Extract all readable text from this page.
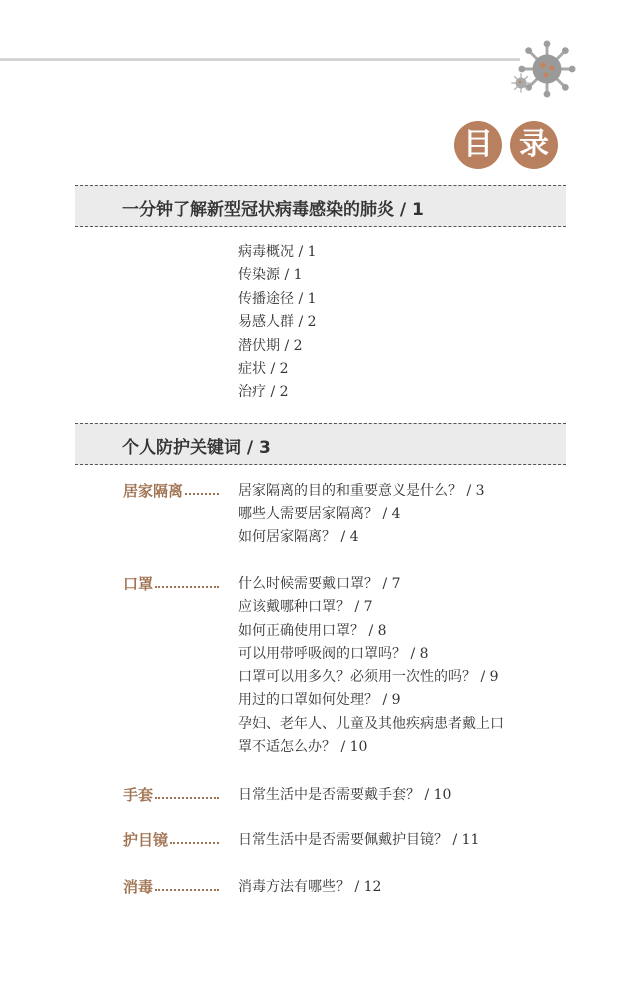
目 录
一分钟了解新型冠状病毒感染的肺炎 / 1
病毒概况 / 1
传染源 / 1
传播途径 / 1
易感人群 / 2
潜伏期 / 2
症状 / 2
治疗 / 2
个人防护关键词 / 3
居家隔离	居家隔离的目的和重要意义是什么？ / 3
哪些人需要居家隔离？ / 4
如何居家隔离？ / 4
口罩	什么时候需要戴口罩？ / 7
应该戴哪种口罩？ / 7
如何正确使用口罩？ / 8
可以用带呼吸阀的口罩吗？ / 8
口罩可以用多久？必须用一次性的吗？ / 9
用过的口罩如何处理？ / 9
孕妇、老年人、儿童及其他疾病患者戴上口
罩不适怎么办？ / 10
手套	日常生活中是否需要戴手套？ / 10
护目镜	日常生活中是否需要佩戴护目镜？ / 11
消毒	消毒方法有哪些？ / 12
